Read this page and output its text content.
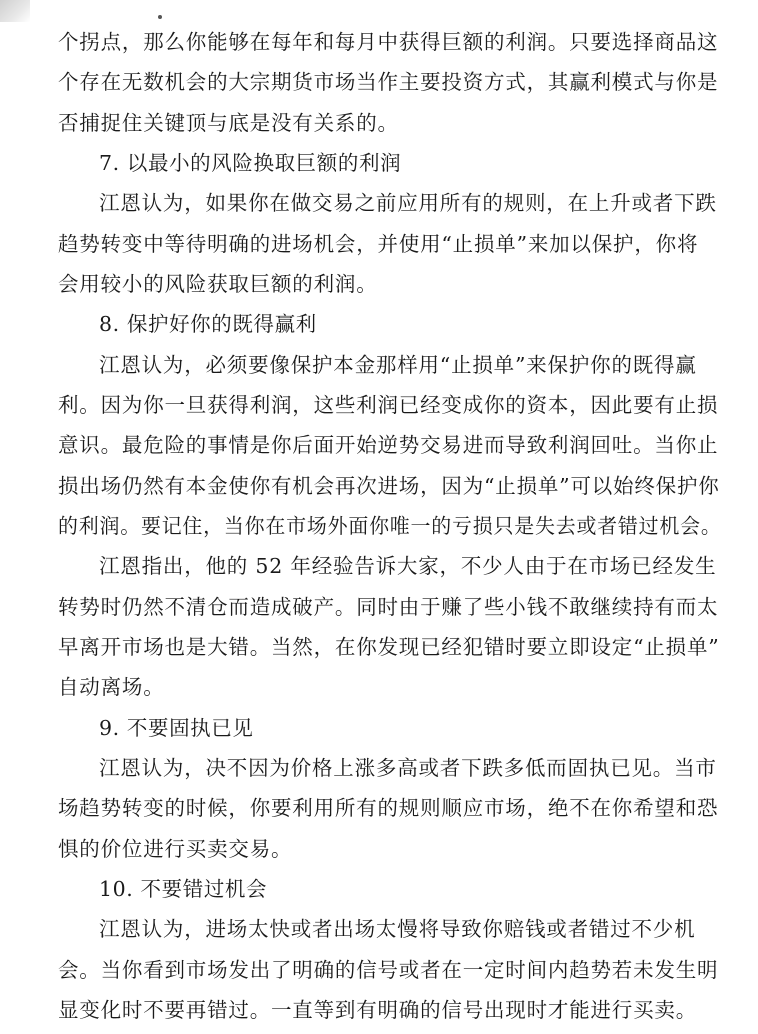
个拐点，那么你能够在每年和每月中获得巨额的利润。只要选择商品这
个存在无数机会的大宗期货市场当作主要投资方式，其赢利模式与你是
否捕捉住关键顶与底是没有关系的。
7. 以最小的风险换取巨额的利润
江恩认为，如果你在做交易之前应用所有的规则，在上升或者下跌
趋势转变中等待明确的进场机会，并使用“止损单”来加以保护，你将
会用较小的风险获取巨额的利润。
8. 保护好你的既得赢利
江恩认为，必须要像保护本金那样用“止损单”来保护你的既得赢
利。因为你一旦获得利润，这些利润已经变成你的资本，因此要有止损
意识。最危险的事情是你后面开始逆势交易进而导致利润回吐。当你止
损出场仍然有本金使你有机会再次进场，因为“止损单”可以始终保护你
的利润。要记住，当你在市场外面你唯一的亏损只是失去或者错过机会。
江恩指出，他的 52 年经验告诉大家，不少人由于在市场已经发生
转势时仍然不清仓而造成破产。同时由于赚了些小钱不敢继续持有而太
早离开市场也是大错。当然，在你发现已经犯错时要立即设定“止损单”
自动离场。
9. 不要固执已见
江恩认为，决不因为价格上涨多高或者下跌多低而固执已见。当市
场趋势转变的时候，你要利用所有的规则顺应市场，绝不在你希望和恐
惧的价位进行买卖交易。
10. 不要错过机会
江恩认为，进场太快或者出场太慢将导致你赔钱或者错过不少机
会。当你看到市场发出了明确的信号或者在一定时间内趋势若未发生明
显变化时不要再错过。一直等到有明确的信号出现时才能进行买卖。
